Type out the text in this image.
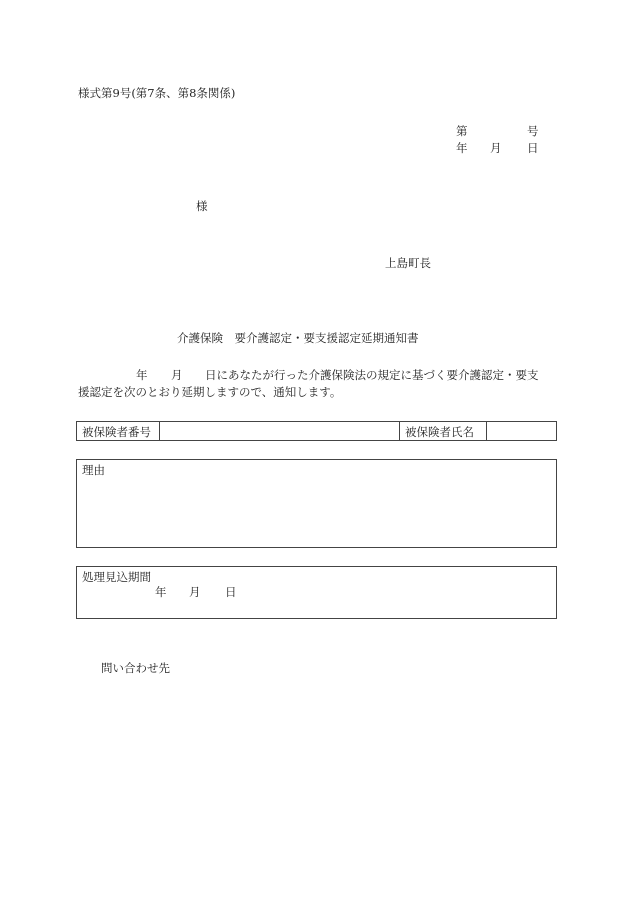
様式第9号(第7条、第8条関係)
第	号
年 月 日
様
上島町長
介護保険　要介護認定・要支援認定延期通知書
年 月 日にあなたが行った介護保険法の規定に基づく要介護認定・要支
援認定を次のとおり延期しますので、通知します。
被保険者番号	被保険者氏名
理由
処理見込期間
年 月 日
問い合わせ先
